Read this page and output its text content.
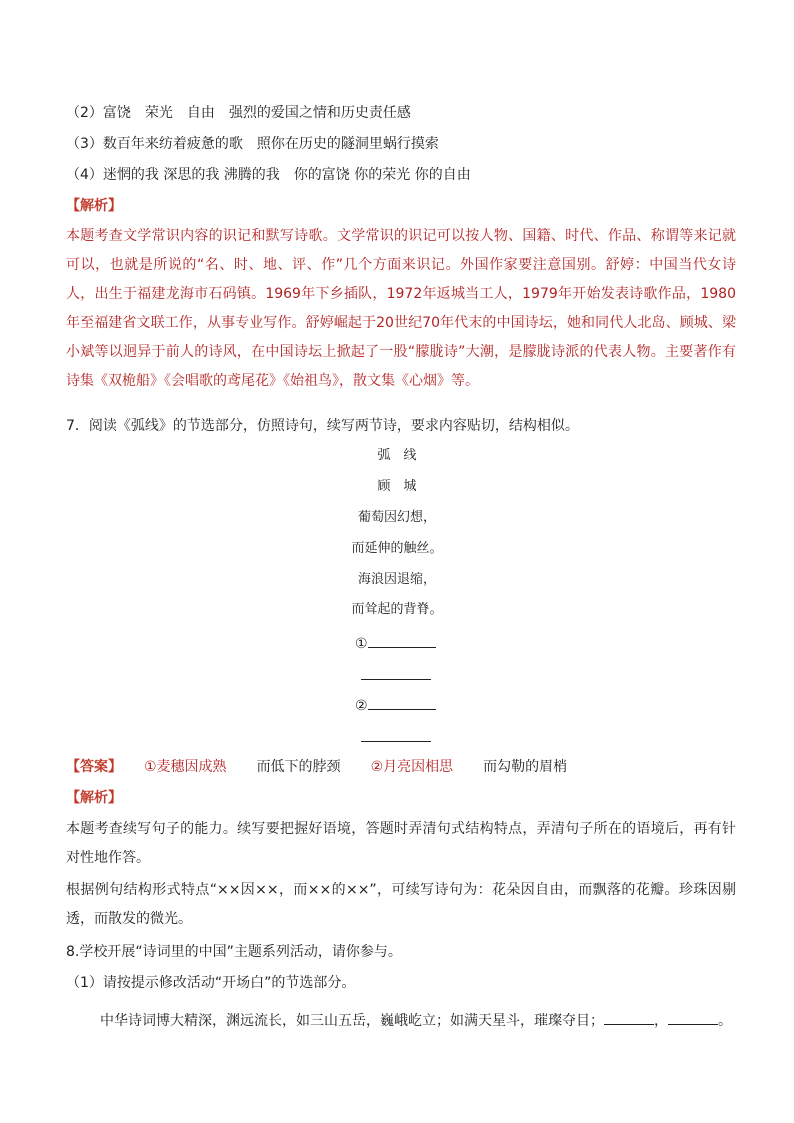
（2）富饶　荣光　自由　强烈的爱国之情和历史责任感
（3）数百年来纺着疲惫的歌　照你在历史的隧洞里蜗行摸索
（4）迷惘的我 深思的我 沸腾的我　你的富饶 你的荣光 你的自由
【解析】
本题考查文学常识内容的识记和默写诗歌。文学常识的识记可以按人物、国籍、时代、作品、称谓等来记就可以，也就是所说的“名、时、地、评、作”几个方面来识记。外国作家要注意国别。舒婷：中国当代女诗人，出生于福建龙海市石码镇。1969年下乡插队，1972年返城当工人，1979年开始发表诗歌作品，1980年至福建省文联工作，从事专业写作。舒婷崛起于20世纪70年代末的中国诗坛，她和同代人北岛、顾城、梁小斌等以迥异于前人的诗风，在中国诗坛上掀起了一股“朦胧诗”大潮，是朦胧诗派的代表人物。主要著作有诗集《双桅船》《会唱歌的鸢尾花》《始祖鸟》，散文集《心烟》等。
7．阅读《弧线》的节选部分，仿照诗句，续写两节诗，要求内容贴切，结构相似。
弧　线
顾　城
葡萄因幻想，
而延伸的触丝。
海浪因退缩，
而耸起的背脊。
①
②
【答案】 ①麦穗因成熟 而低下的脖颈 ②月亮因相思 而勾勒的眉梢
【解析】
本题考查续写句子的能力。续写要把握好语境，答题时弄清句式结构特点，弄清句子所在的语境后，再有针对性地作答。
根据例句结构形式特点“××因××，而××的××”，可续写诗句为：花朵因自由，而飘落的花瓣。珍珠因剔透，而散发的微光。
8.学校开展“诗词里的中国”主题系列活动，请你参与。
（1）请按提示修改活动“开场白”的节选部分。
中华诗词博大精深，渊远流长，如三山五岳，巍峨屹立；如满天星斗，璀璨夺目；	，	。
